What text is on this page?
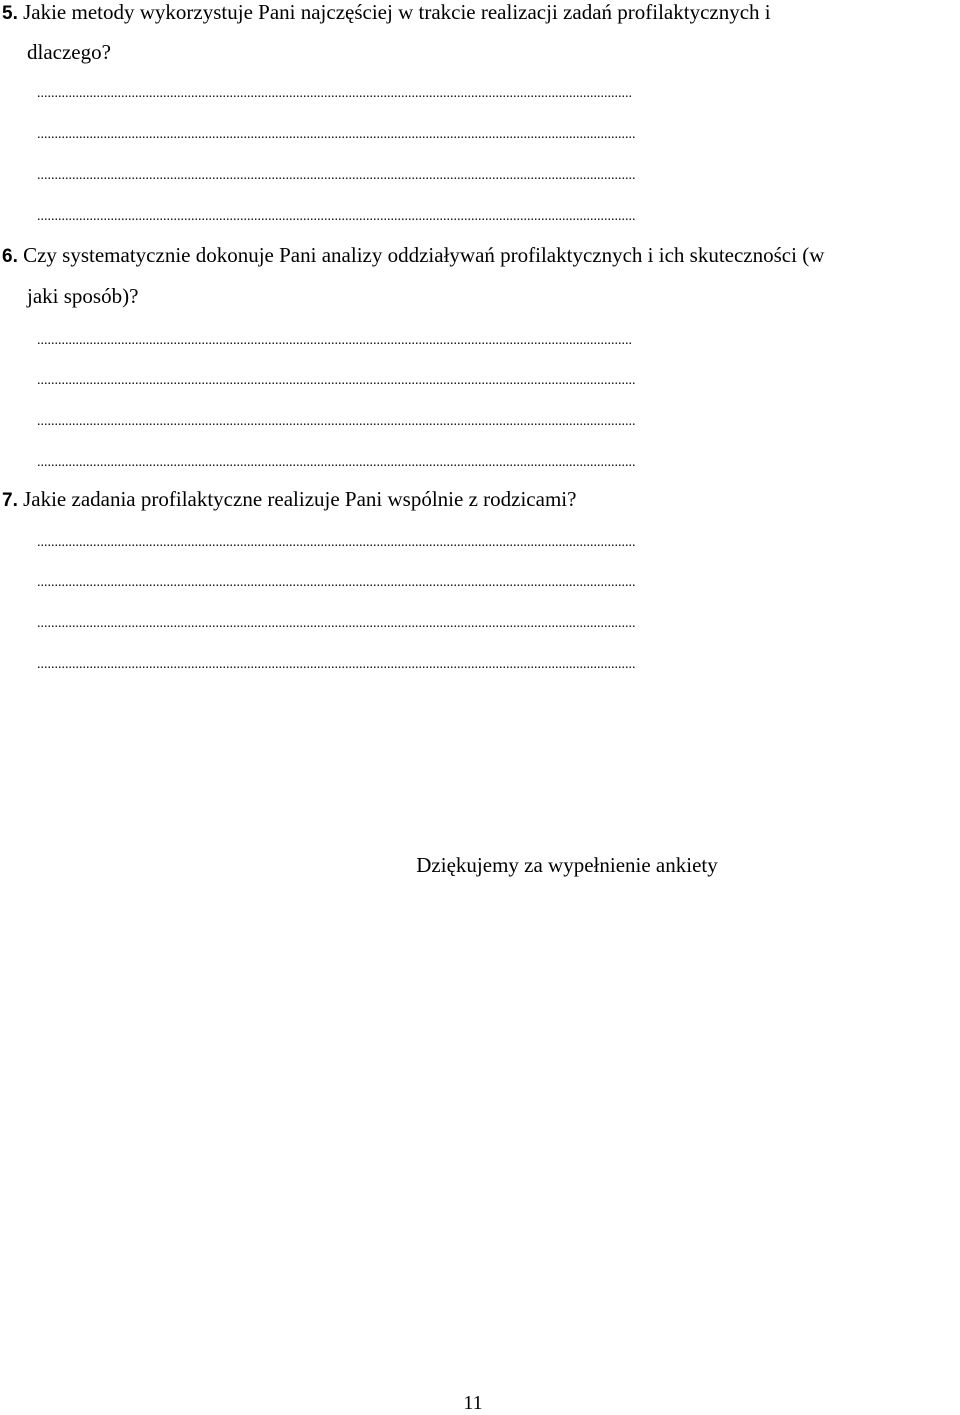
5. Jakie metody wykorzystuje Pani najczęściej w trakcie realizacji zadań profilaktycznych i
dlaczego?
..........................................................................................................................................................................
...........................................................................................................................................................................
...........................................................................................................................................................................
...........................................................................................................................................................................
6. Czy systematycznie dokonuje Pani analizy oddziaływań profilaktycznych i ich skuteczności (w
jaki sposób)?
..........................................................................................................................................................................
...........................................................................................................................................................................
...........................................................................................................................................................................
...........................................................................................................................................................................
7. Jakie zadania profilaktyczne realizuje Pani wspólnie z rodzicami?
...........................................................................................................................................................................
...........................................................................................................................................................................
...........................................................................................................................................................................
...........................................................................................................................................................................
Dziękujemy za wypełnienie ankiety
11
